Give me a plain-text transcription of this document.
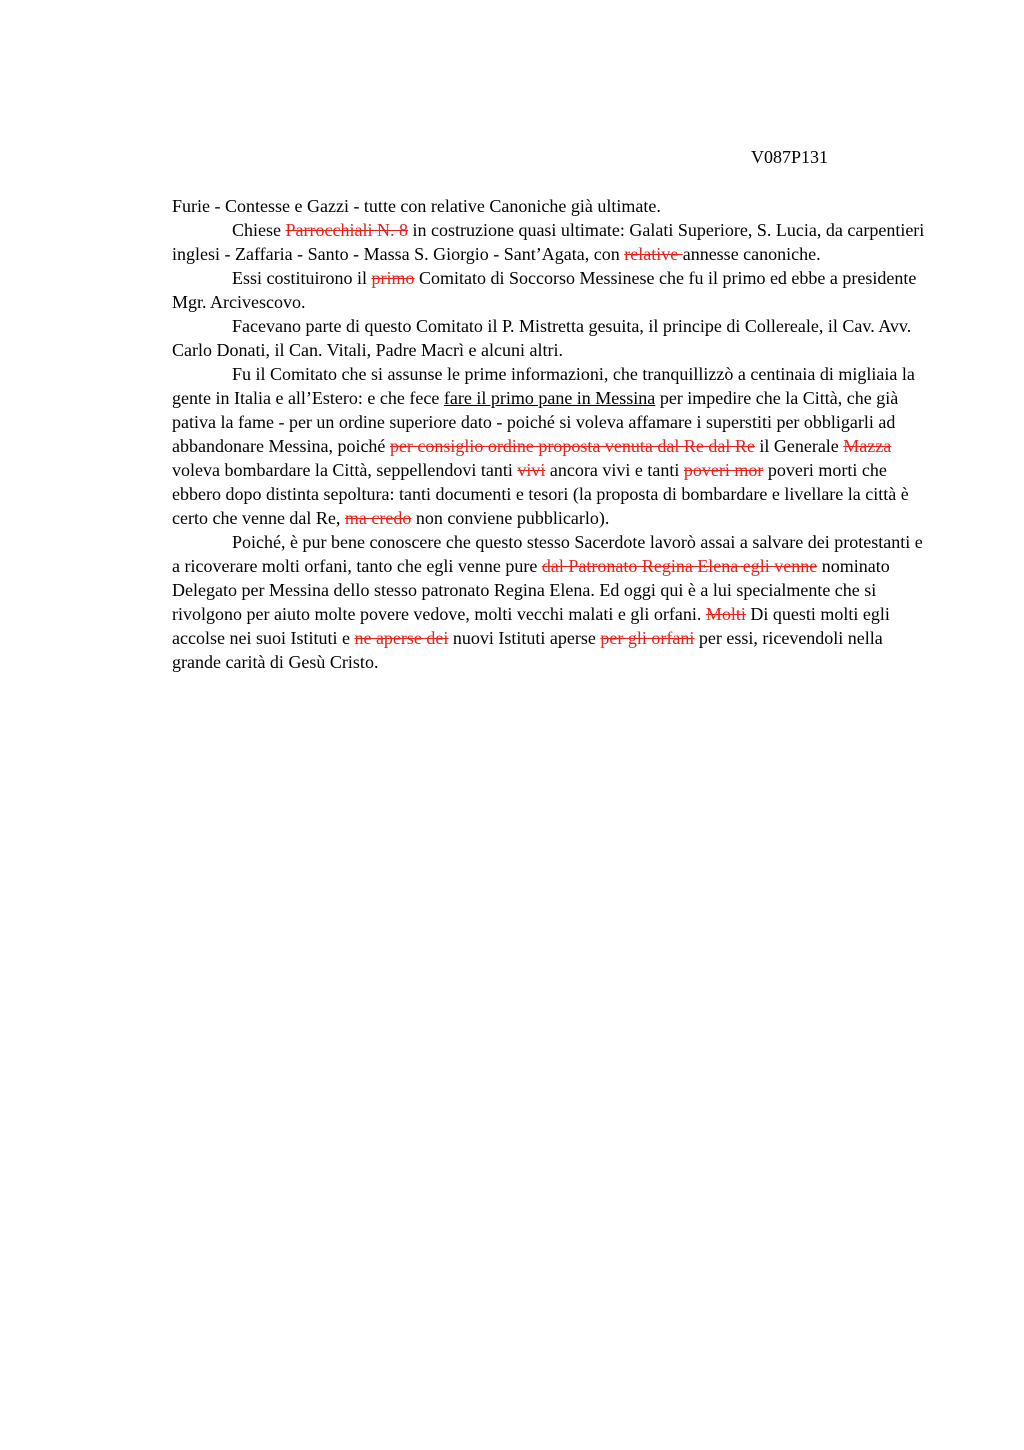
V087P131

Furie - Contesse e Gazzi - tutte con relative Canoniche già ultimate.

Chiese Parrocchiali N. 8 in costruzione quasi ultimate: Galati Superiore, S. Lucia, da carpentieri inglesi - Zaffaria - Santo - Massa S. Giorgio - Sant’Agata, con relative annesse canoniche.

Essi costituirono il primo Comitato di Soccorso Messinese che fu il primo ed ebbe a presidente Mgr. Arcivescovo.

Facevano parte di questo Comitato il P. Mistretta gesuita, il principe di Collereale, il Cav. Avv. Carlo Donati, il Can. Vitali, Padre Macrì e alcuni altri.

Fu il Comitato che si assunse le prime informazioni, che tranquillizzò a centinaia di migliaia la gente in Italia e all’Estero: e che fece fare il primo pane in Messina per impedire che la Città, che già pativa la fame - per un ordine superiore dato - poiché si voleva affamare i superstiti per obbligarli ad abbandonare Messina, poiché per consiglio ordine proposta venuta dal Re dal Re il Generale Mazza voleva bombardare la Città, seppellendovi tanti vivi ancora vivi e tanti poveri mor poveri morti che ebbero dopo distinta sepoltura: tanti documenti e tesori (la proposta di bombardare e livellare la città è certo che venne dal Re, ma credo non conviene pubblicarlo).

Poiché, è pur bene conoscere che questo stesso Sacerdote lavorò assai a salvare dei protestanti e a ricoverare molti orfani, tanto che egli venne pure dal Patronato Regina Elena egli venne nominato Delegato per Messina dello stesso patronato Regina Elena. Ed oggi qui è a lui specialmente che si rivolgono per aiuto molte povere vedove, molti vecchi malati e gli orfani. Molti Di questi molti egli accolse nei suoi Istituti e ne aperse dei nuovi Istituti aperse per gli orfani per essi, ricevendoli nella grande carità di Gesù Cristo.
